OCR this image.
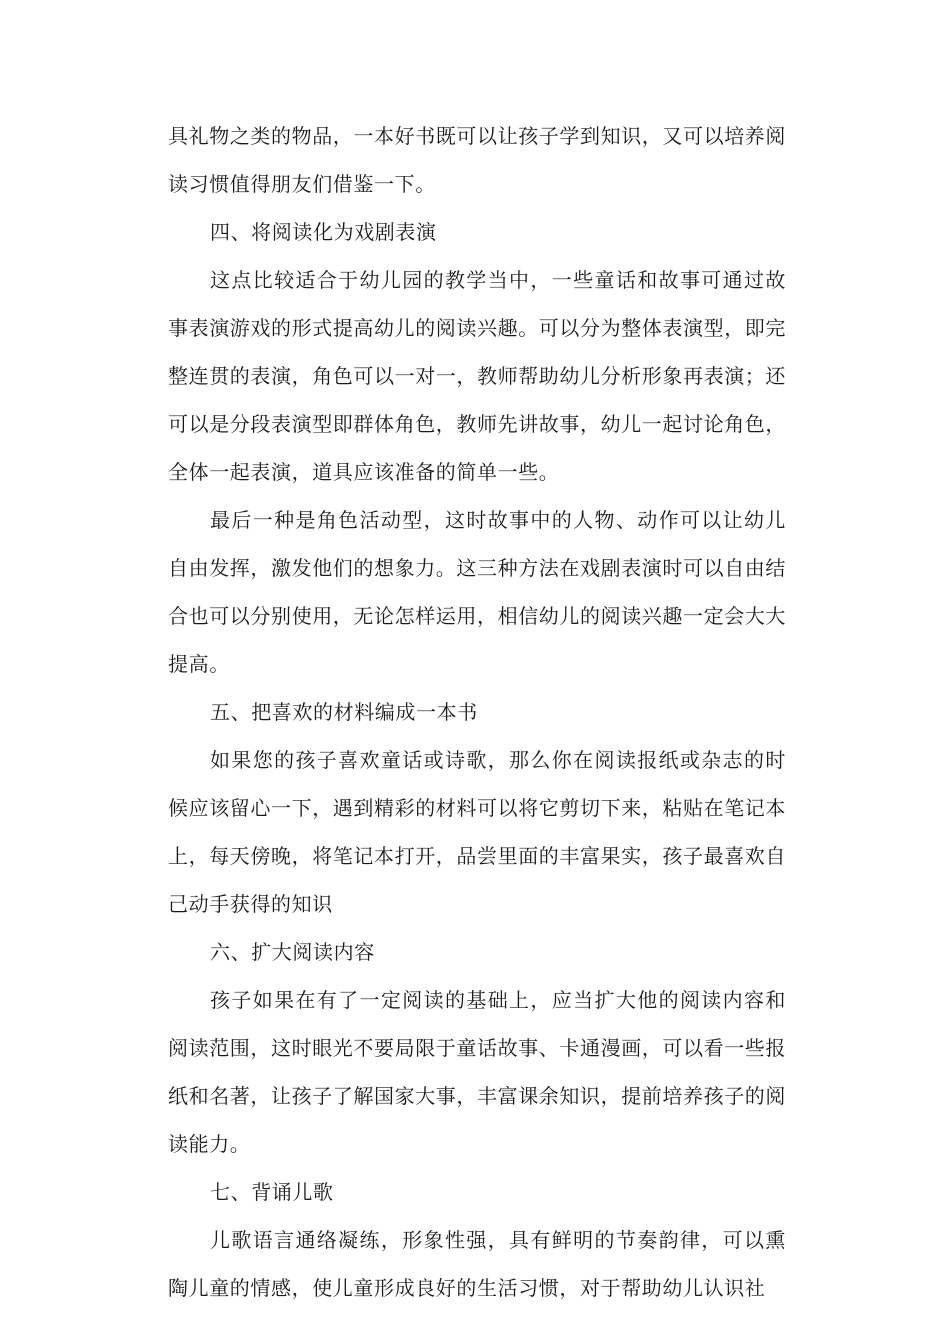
具礼物之类的物品，一本好书既可以让孩子学到知识，又可以培养阅读习惯值得朋友们借鉴一下。

四、将阅读化为戏剧表演

这点比较适合于幼儿园的教学当中，一些童话和故事可通过故事表演游戏的形式提高幼儿的阅读兴趣。可以分为整体表演型，即完整连贯的表演，角色可以一对一，教师帮助幼儿分析形象再表演；还可以是分段表演型即群体角色，教师先讲故事，幼儿一起讨论角色，全体一起表演，道具应该准备的简单一些。

最后一种是角色活动型，这时故事中的人物、动作可以让幼儿自由发挥，激发他们的想象力。这三种方法在戏剧表演时可以自由结合也可以分别使用，无论怎样运用，相信幼儿的阅读兴趣一定会大大提高。

五、把喜欢的材料编成一本书

如果您的孩子喜欢童话或诗歌，那么你在阅读报纸或杂志的时候应该留心一下，遇到精彩的材料可以将它剪切下来，粘贴在笔记本上，每天傍晚，将笔记本打开，品尝里面的丰富果实，孩子最喜欢自己动手获得的知识

六、扩大阅读内容

孩子如果在有了一定阅读的基础上，应当扩大他的阅读内容和阅读范围，这时眼光不要局限于童话故事、卡通漫画，可以看一些报纸和名著，让孩子了解国家大事，丰富课余知识，提前培养孩子的阅读能力。

七、背诵儿歌

儿歌语言通络凝练，形象性强，具有鲜明的节奏韵律，可以熏陶儿童的情感，使儿童形成良好的生活习惯，对于帮助幼儿认识社
